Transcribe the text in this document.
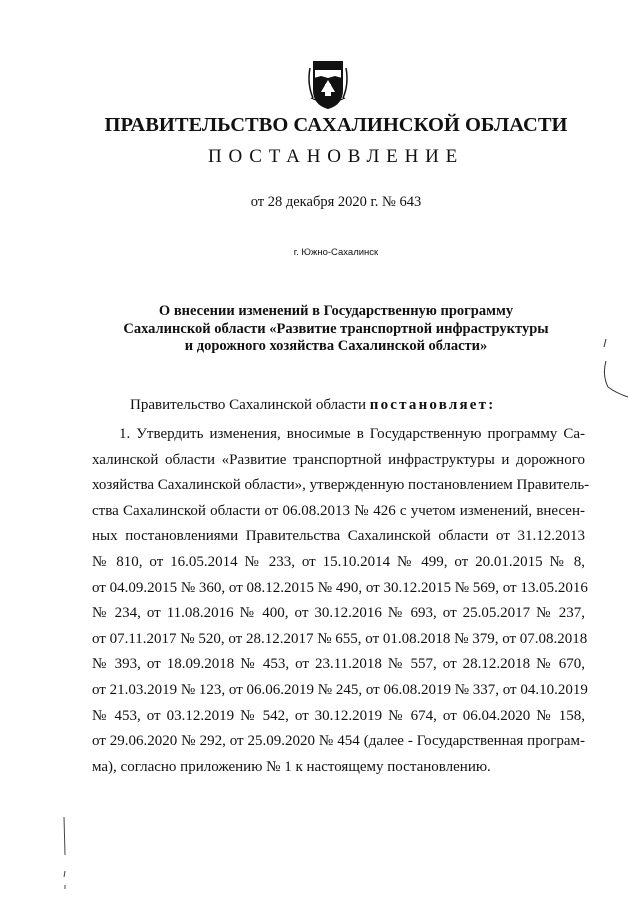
ПРАВИТЕЛЬСТВО САХАЛИНСКОЙ ОБЛАСТИ
ПОСТАНОВЛЕНИЕ
от 28 декабря 2020 г. № 643
г. Южно-Сахалинск
О внесении изменений в Государственную программу
Сахалинской области «Развитие транспортной инфраструктуры
и дорожного хозяйства Сахалинской области»
Правительство Сахалинской области постановляет:
1. Утвердить изменения, вносимые в Государственную программу Са-
халинской области «Развитие транспортной инфраструктуры и дорожного
хозяйства Сахалинской области», утвержденную постановлением Правитель-
ства Сахалинской области от 06.08.2013 № 426 с учетом изменений, внесен-
ных постановлениями Правительства Сахалинской области от 31.12.2013
№ 810, от 16.05.2014 № 233, от 15.10.2014 № 499, от 20.01.2015 № 8,
от 04.09.2015 № 360, от 08.12.2015 № 490, от 30.12.2015 № 569, от 13.05.2016
№ 234, от 11.08.2016 № 400, от 30.12.2016 № 693, от 25.05.2017 № 237,
от 07.11.2017 № 520, от 28.12.2017 № 655, от 01.08.2018 № 379, от 07.08.2018
№ 393, от 18.09.2018 № 453, от 23.11.2018 № 557, от 28.12.2018 № 670,
от 21.03.2019 № 123, от 06.06.2019 № 245, от 06.08.2019 № 337, от 04.10.2019
№ 453, от 03.12.2019 № 542, от 30.12.2019 № 674, от 06.04.2020 № 158,
от 29.06.2020 № 292, от 25.09.2020 № 454 (далее - Государственная програм-
ма), согласно приложению № 1 к настоящему постановлению.
